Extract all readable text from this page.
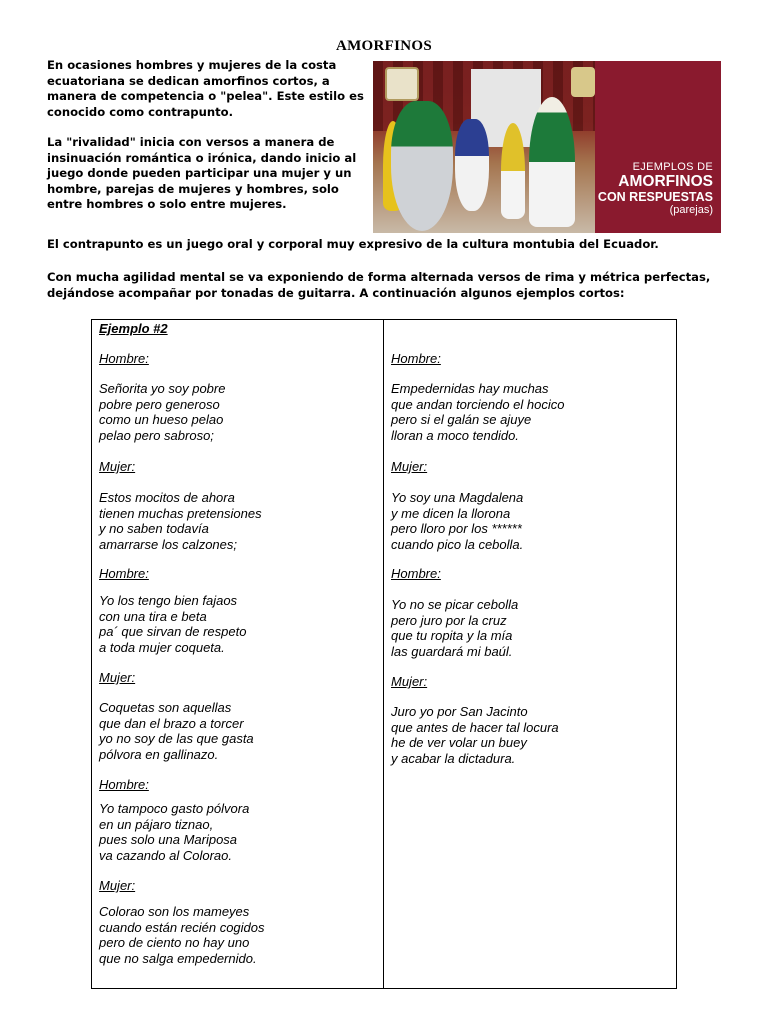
AMORFINOS

En ocasiones hombres y mujeres de la costa ecuatoriana se dedican amorfinos cortos, a manera de competencia o "pelea". Este estilo es conocido como contrapunto.

La "rivalidad" inicia con versos a manera de insinuación romántica o irónica, dando inicio al juego donde pueden participar una mujer y un hombre, parejas de mujeres y hombres, solo entre hombres o solo entre mujeres.

EJEMPLOS DE
AMORFINOS
CON RESPUESTAS
(parejas)

El contrapunto es un juego oral y corporal muy expresivo de la cultura montubia del Ecuador.

Con mucha agilidad mental se va exponiendo de forma alternada versos de rima y métrica perfectas, dejándose acompañar por tonadas de guitarra. A continuación algunos ejemplos cortos:

Ejemplo #2

Hombre:

Señorita yo soy pobre
pobre pero generoso
como un hueso pelao
pelao pero sabroso;

Mujer:

Estos mocitos de ahora
tienen muchas pretensiones
y no saben todavía
amarrarse los calzones;

Hombre:

Yo los tengo bien fajaos
con una tira e beta
pa´ que sirvan de respeto
a toda mujer coqueta.

Mujer:

Coquetas son aquellas
que dan el brazo a torcer
yo no soy de las que gasta
pólvora en gallinazo.

Hombre:

Yo tampoco gasto pólvora
en un pájaro tiznao,
pues solo una Mariposa
va cazando al Colorao.

Mujer:

Colorao son los mameyes
cuando están recién cogidos
pero de ciento no hay uno
que no salga empedernido.

Hombre:

Empedernidas hay muchas
que andan torciendo el hocico
pero si el galán se ajuye
lloran a moco tendido.

Mujer:

Yo soy una Magdalena
y me dicen la llorona
pero lloro por los ******
cuando pico la cebolla.

Hombre:

Yo no se picar cebolla
pero juro por la cruz
que tu ropita y la mía
las guardará mi baúl.

Mujer:

Juro yo por San Jacinto
que antes de hacer tal locura
he de ver volar un buey
y acabar la dictadura.
